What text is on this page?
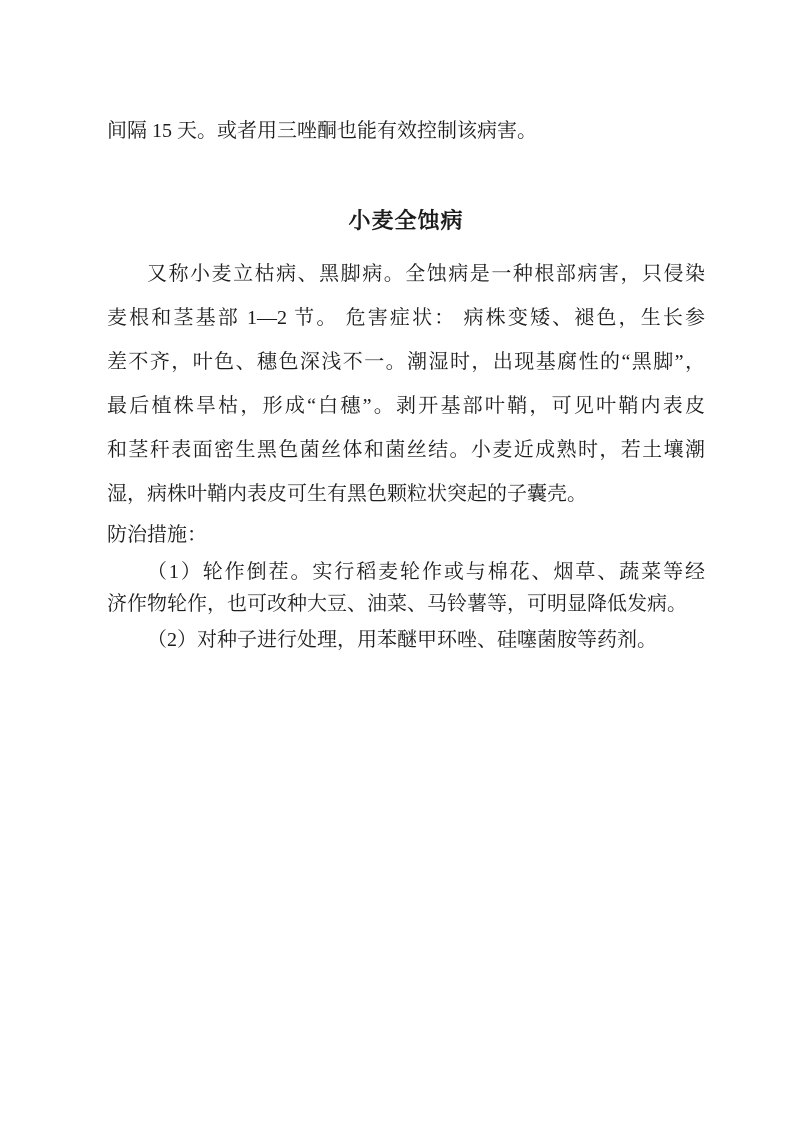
间隔 15 天。或者用三唑酮也能有效控制该病害。
小麦全蚀病
又称小麦立枯病、黑脚病。全蚀病是一种根部病害，只侵染
麦根和茎基部 1—2 节。 危害症状： 病株变矮、褪色，生长参
差不齐，叶色、穗色深浅不一。潮湿时，出现基腐性的“黑脚”，
最后植株旱枯，形成“白穗”。剥开基部叶鞘，可见叶鞘内表皮
和茎秆表面密生黑色菌丝体和菌丝结。小麦近成熟时，若土壤潮
湿，病株叶鞘内表皮可生有黑色颗粒状突起的子囊壳。
防治措施：
（1）轮作倒茬。实行稻麦轮作或与棉花、烟草、蔬菜等经
济作物轮作，也可改种大豆、油菜、马铃薯等，可明显降低发病。
（2）对种子进行处理，用苯醚甲环唑、硅噻菌胺等药剂。
